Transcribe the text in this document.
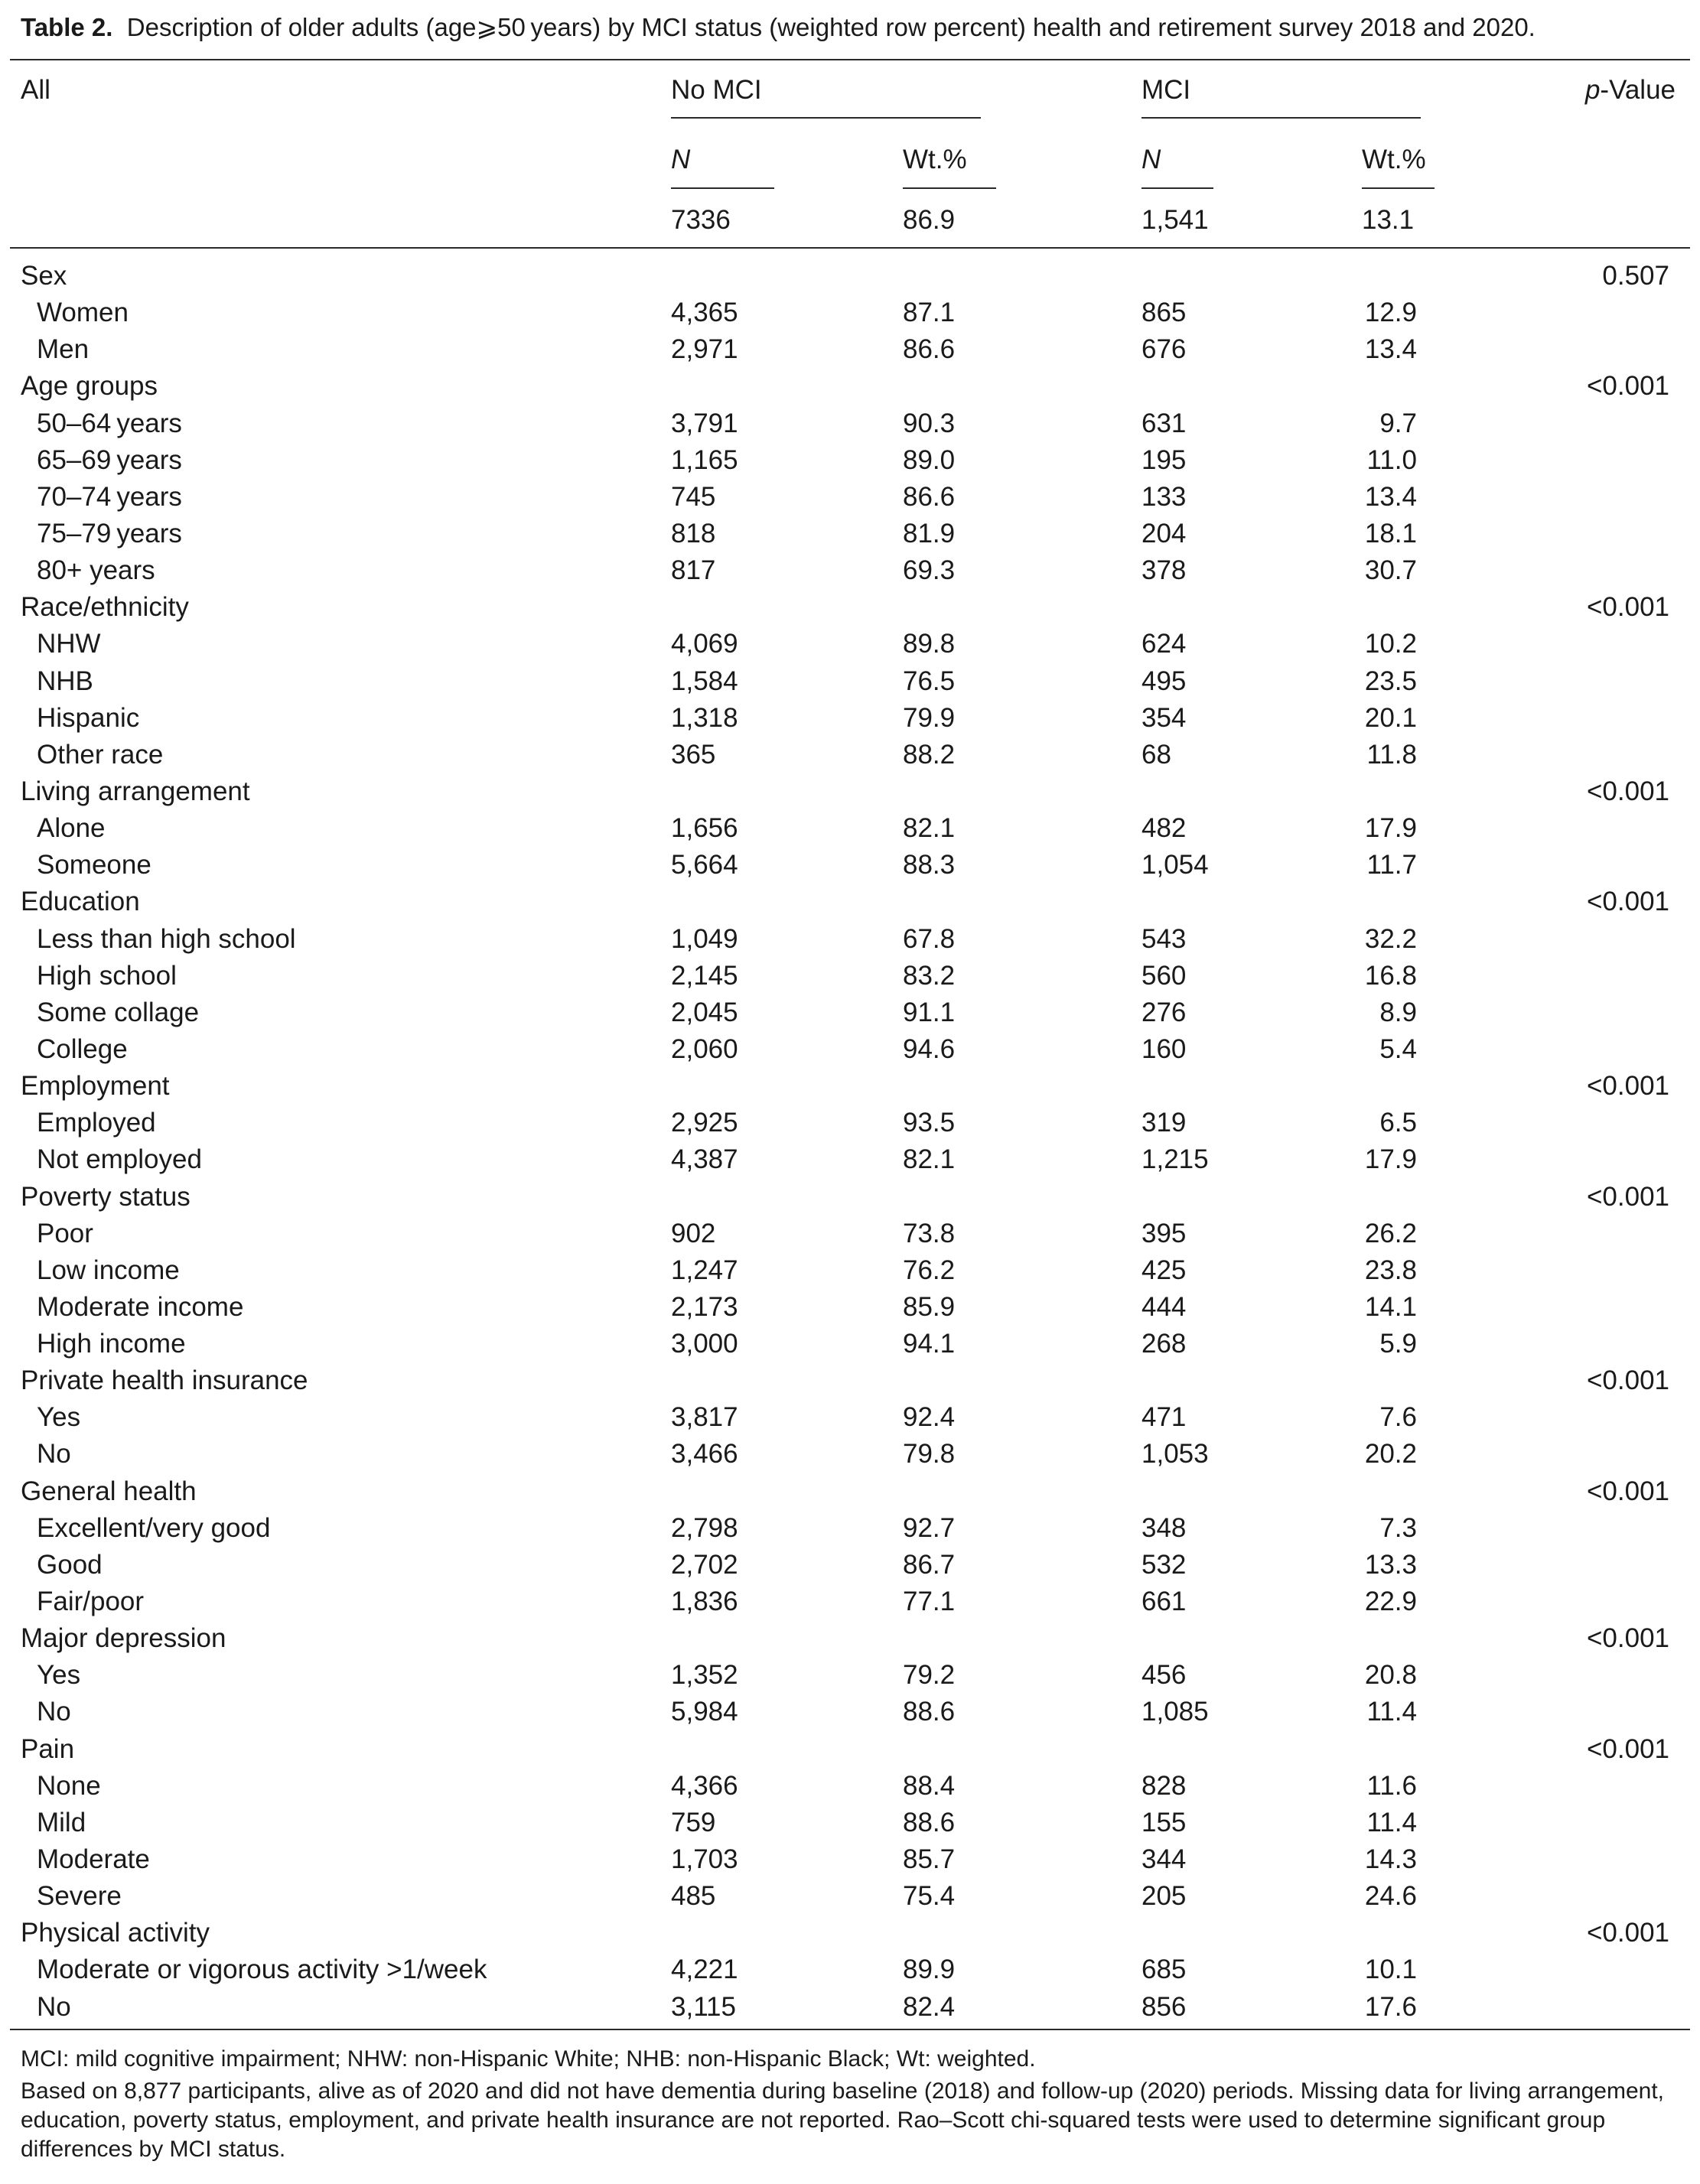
Table 2. Description of older adults (age⩾50 years) by MCI status (weighted row percent) health and retirement survey 2018 and 2020.
All	No MCI	MCI	p-Value
N	Wt.%	N	Wt.%
7336	86.9	1,541	13.1
Sex	0.507
Women	4,365	87.1	865	12.9
Men	2,971	86.6	676	13.4
Age groups	<0.001
50–64 years	3,791	90.3	631	9.7
65–69 years	1,165	89.0	195	11.0
70–74 years	745	86.6	133	13.4
75–79 years	818	81.9	204	18.1
80+ years	817	69.3	378	30.7
Race/ethnicity	<0.001
NHW	4,069	89.8	624	10.2
NHB	1,584	76.5	495	23.5
Hispanic	1,318	79.9	354	20.1
Other race	365	88.2	68	11.8
Living arrangement	<0.001
Alone	1,656	82.1	482	17.9
Someone	5,664	88.3	1,054	11.7
Education	<0.001
Less than high school	1,049	67.8	543	32.2
High school	2,145	83.2	560	16.8
Some collage	2,045	91.1	276	8.9
College	2,060	94.6	160	5.4
Employment	<0.001
Employed	2,925	93.5	319	6.5
Not employed	4,387	82.1	1,215	17.9
Poverty status	<0.001
Poor	902	73.8	395	26.2
Low income	1,247	76.2	425	23.8
Moderate income	2,173	85.9	444	14.1
High income	3,000	94.1	268	5.9
Private health insurance	<0.001
Yes	3,817	92.4	471	7.6
No	3,466	79.8	1,053	20.2
General health	<0.001
Excellent/very good	2,798	92.7	348	7.3
Good	2,702	86.7	532	13.3
Fair/poor	1,836	77.1	661	22.9
Major depression	<0.001
Yes	1,352	79.2	456	20.8
No	5,984	88.6	1,085	11.4
Pain	<0.001
None	4,366	88.4	828	11.6
Mild	759	88.6	155	11.4
Moderate	1,703	85.7	344	14.3
Severe	485	75.4	205	24.6
Physical activity	<0.001
Moderate or vigorous activity >1/week	4,221	89.9	685	10.1
No	3,115	82.4	856	17.6
MCI: mild cognitive impairment; NHW: non-Hispanic White; NHB: non-Hispanic Black; Wt: weighted.
Based on 8,877 participants, alive as of 2020 and did not have dementia during baseline (2018) and follow-up (2020) periods. Missing data for living arrangement, education, poverty status, employment, and private health insurance are not reported. Rao–Scott chi-squared tests were used to determine significant group differences by MCI status.
